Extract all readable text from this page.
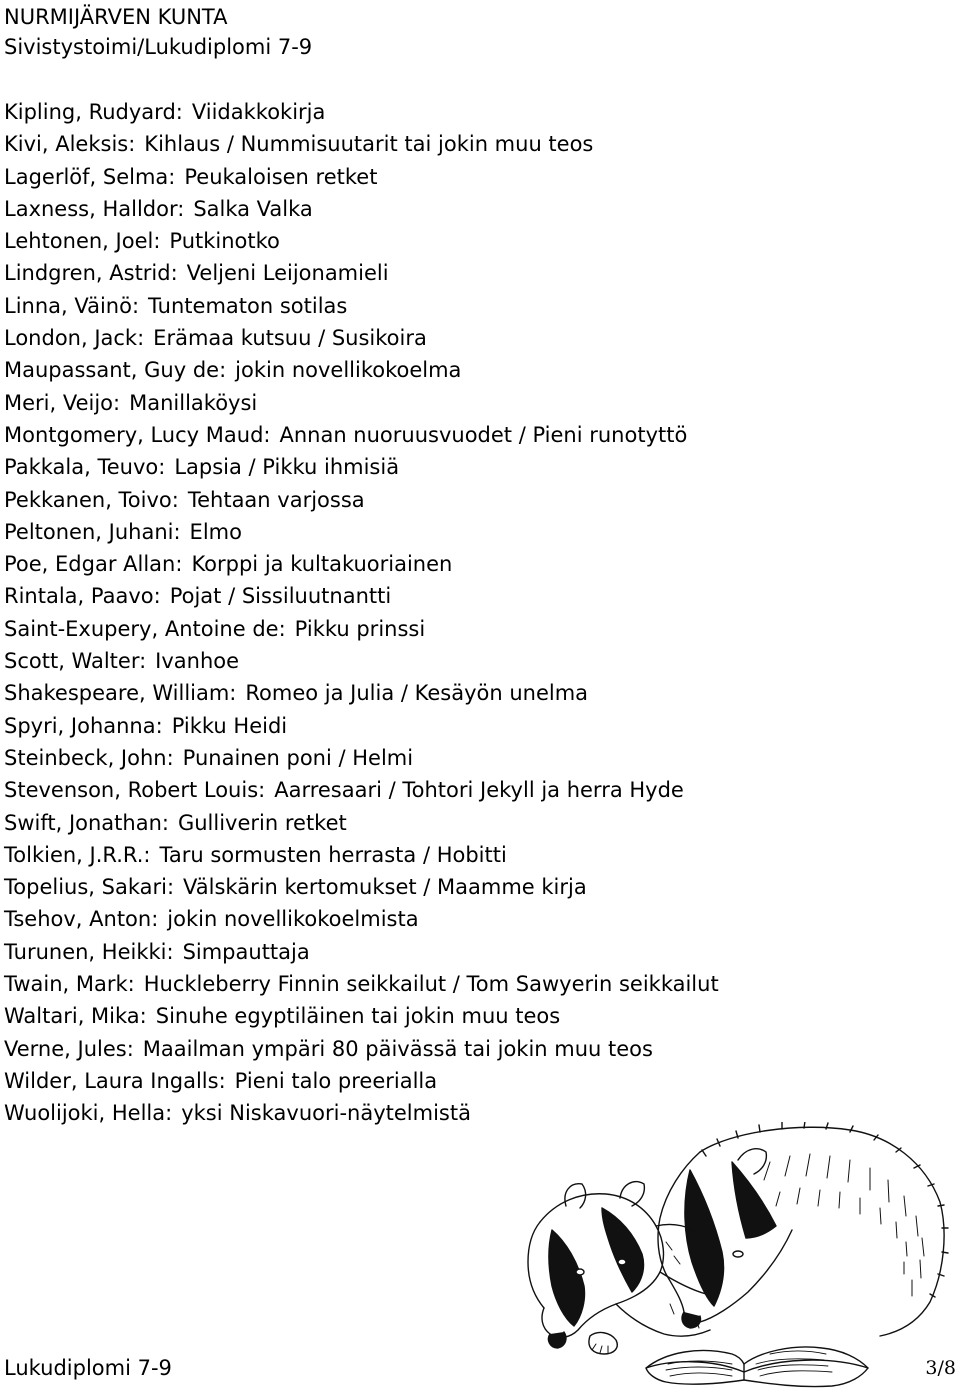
NURMIJÄRVEN KUNTA
Sivistystoimi/Lukudiplomi 7-9
Kipling, Rudyard: Viidakkokirja
Kivi, Aleksis: Kihlaus / Nummisuutarit tai jokin muu teos
Lagerlöf, Selma: Peukaloisen retket
Laxness, Halldor: Salka Valka
Lehtonen, Joel: Putkinotko
Lindgren, Astrid: Veljeni Leijonamieli
Linna, Väinö: Tuntematon sotilas
London, Jack: Erämaa kutsuu / Susikoira
Maupassant, Guy de: jokin novellikokoelma
Meri, Veijo: Manillaköysi
Montgomery, Lucy Maud: Annan nuoruusvuodet / Pieni runotyttö
Pakkala, Teuvo: Lapsia / Pikku ihmisiä
Pekkanen, Toivo: Tehtaan varjossa
Peltonen, Juhani: Elmo
Poe, Edgar Allan: Korppi ja kultakuoriainen
Rintala, Paavo: Pojat / Sissiluutnantti
Saint-Exupery, Antoine de: Pikku prinssi
Scott, Walter: Ivanhoe
Shakespeare, William: Romeo ja Julia / Kesäyön unelma
Spyri, Johanna: Pikku Heidi
Steinbeck, John: Punainen poni / Helmi
Stevenson, Robert Louis: Aarresaari / Tohtori Jekyll ja herra Hyde
Swift, Jonathan: Gulliverin retket
Tolkien, J.R.R.: Taru sormusten herrasta / Hobitti
Topelius, Sakari: Välskärin kertomukset / Maamme kirja
Tsehov, Anton: jokin novellikokoelmista
Turunen, Heikki: Simpauttaja
Twain, Mark: Huckleberry Finnin seikkailut / Tom Sawyerin seikkailut
Waltari, Mika: Sinuhe egyptiläinen tai jokin muu teos
Verne, Jules: Maailman ympäri 80 päivässä tai jokin muu teos
Wilder, Laura Ingalls: Pieni talo preerialla
Wuolijoki, Hella: yksi Niskavuori-näytelmistä
Lukudiplomi 7-9	3/8
